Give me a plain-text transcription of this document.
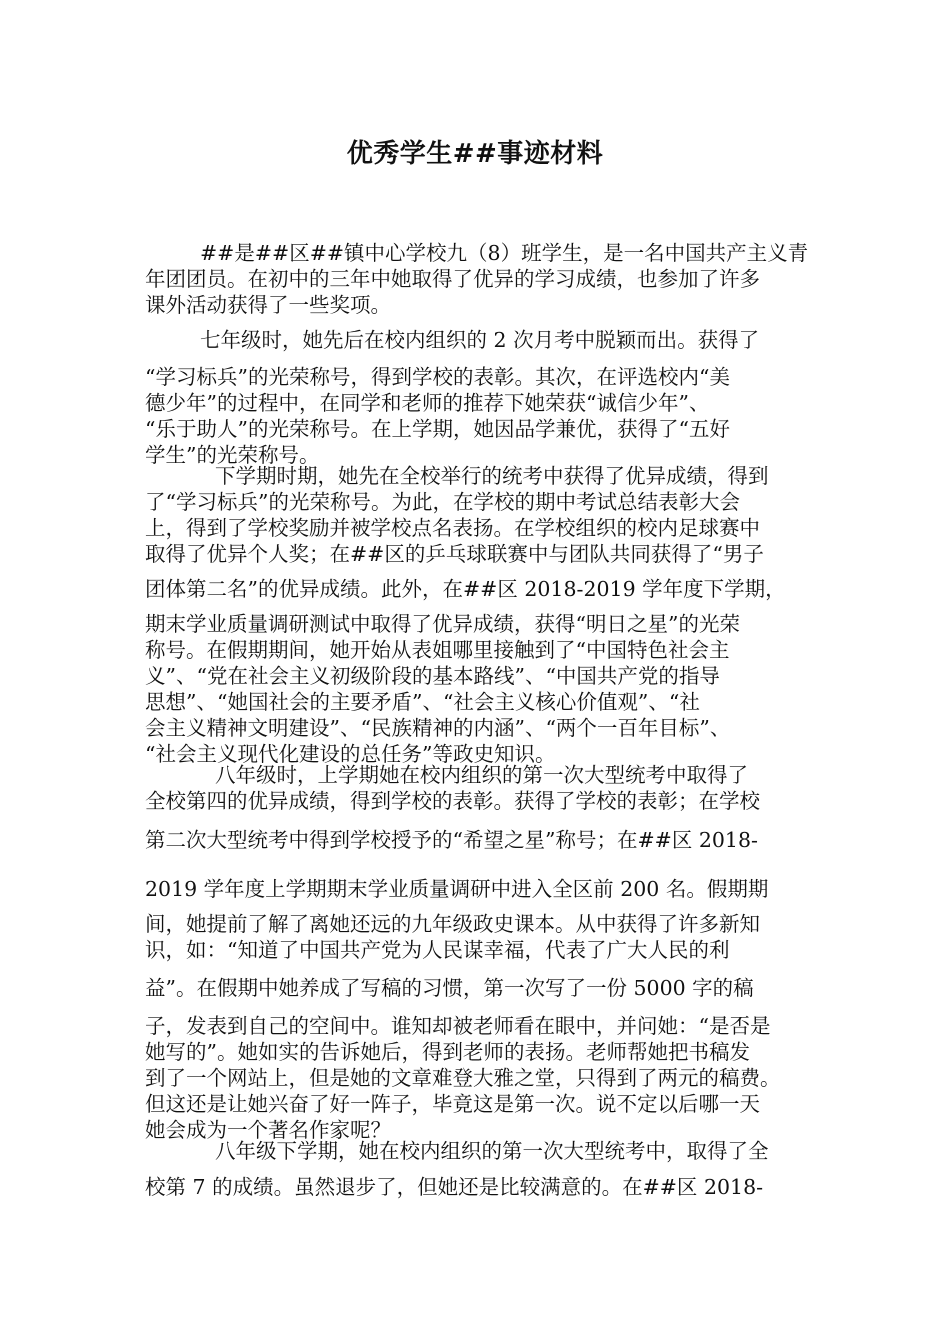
优秀学生##事迹材料
##是##区##镇中心学校九（8）班学生，是一名中国共产主义青
年团团员。在初中的三年中她取得了优异的学习成绩，也参加了许多
课外活动获得了一些奖项。
七年级时，她先后在校内组织的 2 次月考中脱颖而出。获得了
“学习标兵”的光荣称号，得到学校的表彰。其次，在评选校内“美
德少年”的过程中，在同学和老师的推荐下她荣获“诚信少年”、
“乐于助人”的光荣称号。在上学期，她因品学兼优，获得了“五好
学生”的光荣称号。
下学期时期，她先在全校举行的统考中获得了优异成绩，得到
了“学习标兵”的光荣称号。为此，在学校的期中考试总结表彰大会
上，得到了学校奖励并被学校点名表扬。在学校组织的校内足球赛中
取得了优异个人奖；在##区的乒乓球联赛中与团队共同获得了“男子
团体第二名”的优异成绩。此外，在##区 2018-2019 学年度下学期，
期末学业质量调研测试中取得了优异成绩，获得“明日之星”的光荣
称号。在假期期间，她开始从表姐哪里接触到了“中国特色社会主
义”、“党在社会主义初级阶段的基本路线”、“中国共产党的指导
思想”、“她国社会的主要矛盾”、“社会主义核心价值观”、“社
会主义精神文明建设”、“民族精神的内涵”、“两个一百年目标”、
“社会主义现代化建设的总任务”等政史知识。
八年级时，上学期她在校内组织的第一次大型统考中取得了
全校第四的优异成绩，得到学校的表彰。获得了学校的表彰；在学校
第二次大型统考中得到学校授予的“希望之星”称号；在##区 2018-
2019 学年度上学期期末学业质量调研中进入全区前 200 名。假期期
间，她提前了解了离她还远的九年级政史课本。从中获得了许多新知
识，如：“知道了中国共产党为人民谋幸福，代表了广大人民的利
益”。在假期中她养成了写稿的习惯，第一次写了一份 5000 字的稿
子，发表到自己的空间中。谁知却被老师看在眼中，并问她：“是否是
她写的”。她如实的告诉她后，得到老师的表扬。老师帮她把书稿发
到了一个网站上，但是她的文章难登大雅之堂，只得到了两元的稿费。
但这还是让她兴奋了好一阵子，毕竟这是第一次。说不定以后哪一天
她会成为一个著名作家呢？
八年级下学期，她在校内组织的第一次大型统考中，取得了全
校第 7 的成绩。虽然退步了，但她还是比较满意的。在##区 2018-
